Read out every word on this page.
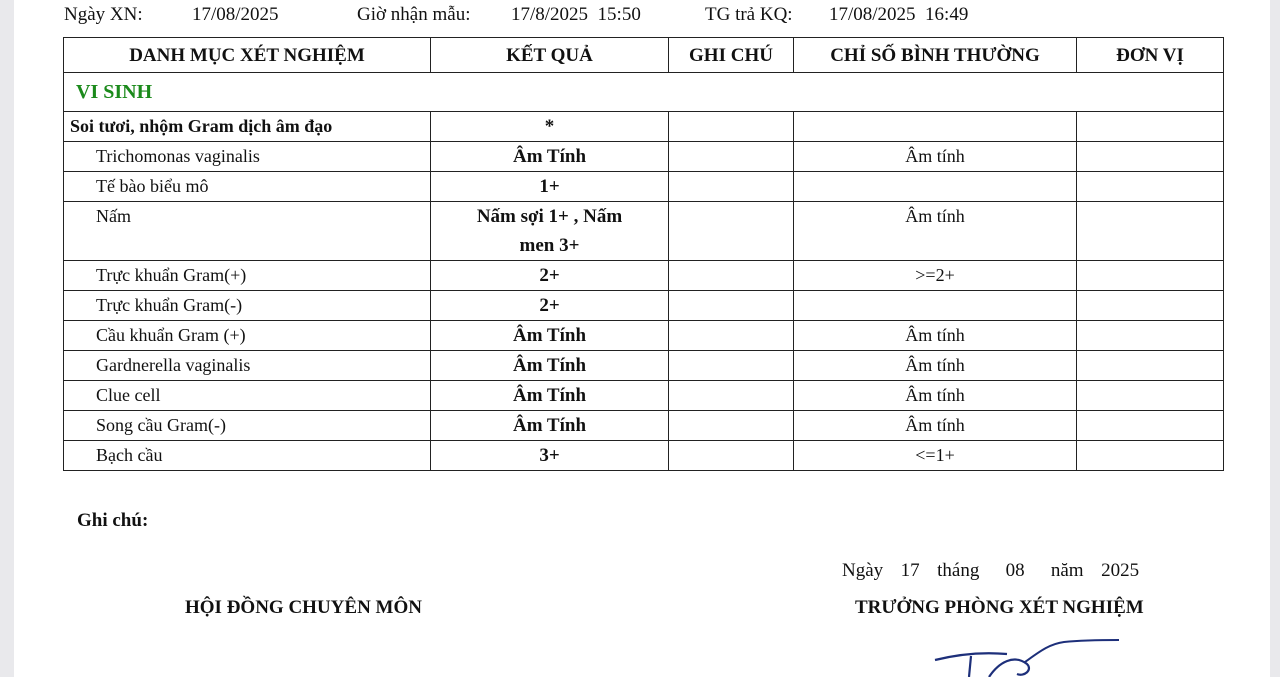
Ngày XN:	17/08/2025	Giờ nhận mẫu: 17/8/2025  15:50	TG trả KQ: 17/08/2025  16:49
DANH MỤC XÉT NGHIỆM	KẾT QUẢ	GHI CHÚ	CHỈ SỐ BÌNH THƯỜNG	ĐƠN VỊ
VI SINH				
Soi tươi, nhộm Gram dịch âm đạo	*			
Trichomonas vaginalis	Âm Tính		Âm tính	
Tế bào biểu mô	1+			
Nấm	Nấm sợi 1+ , Nấm men 3+		Âm tính	
Trực khuẩn Gram(+)	2+		>=2+	
Trực khuẩn Gram(-)	2+			
Cầu khuẩn Gram (+)	Âm Tính		Âm tính	
Gardnerella vaginalis	Âm Tính		Âm tính	
Clue cell	Âm Tính		Âm tính	
Song cầu Gram(-)	Âm Tính		Âm tính	
Bạch cầu	3+		<=1+	
Ghi chú:
Ngày  17  tháng   08   năm  2025
HỘI ĐỒNG CHUYÊN MÔN	TRƯỞNG PHÒNG XÉT NGHIỆM
